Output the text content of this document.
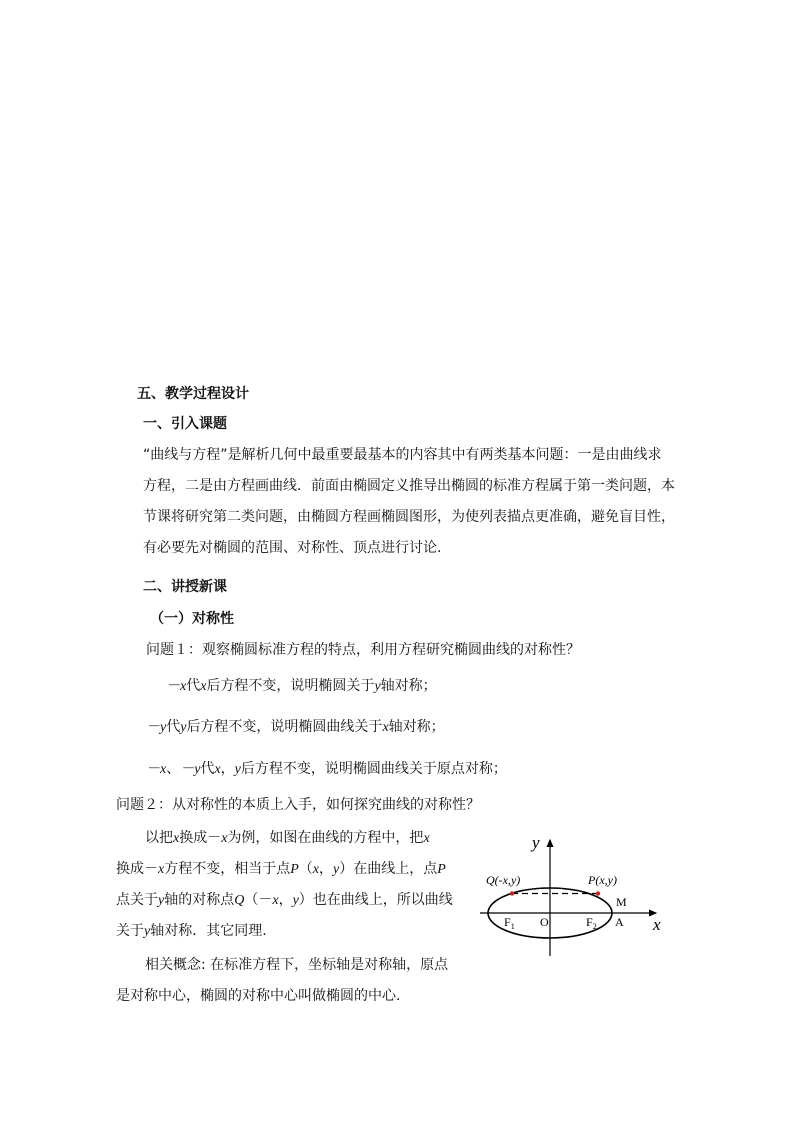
五、教学过程设计
一、引入课题
“曲线与方程”是解析几何中最重要最基本的内容其中有两类基本问题：一是由曲线求
方程，二是由方程画曲线．前面由椭圆定义推导出椭圆的标准方程属于第一类问题，本
节课将研究第二类问题，由椭圆方程画椭圆图形，为使列表描点更准确，避免盲目性，
有必要先对椭圆的范围、对称性、顶点进行讨论.
二、讲授新课
（一）对称性
问题１：观察椭圆标准方程的特点，利用方程研究椭圆曲线的对称性？
－x代x后方程不变，说明椭圆关于y轴对称；
－y代y后方程不变，说明椭圆曲线关于x轴对称；
－x、－y代x，y后方程不变，说明椭圆曲线关于原点对称；
问题２：从对称性的本质上入手，如何探究曲线的对称性？
以把x换成－x为例，如图在曲线的方程中，把x
换成－x方程不变，相当于点P（x，y）在曲线上，点P
点关于y轴的对称点Q（－x，y）也在曲线上，所以曲线
关于y轴对称．其它同理.
相关概念: 在标准方程下，坐标轴是对称轴，原点
是对称中心，椭圆的对称中心叫做椭圆的中心.
y
x
Q(-x,y)	P(x,y)
M
$F_1$ O	$F_2$ A
